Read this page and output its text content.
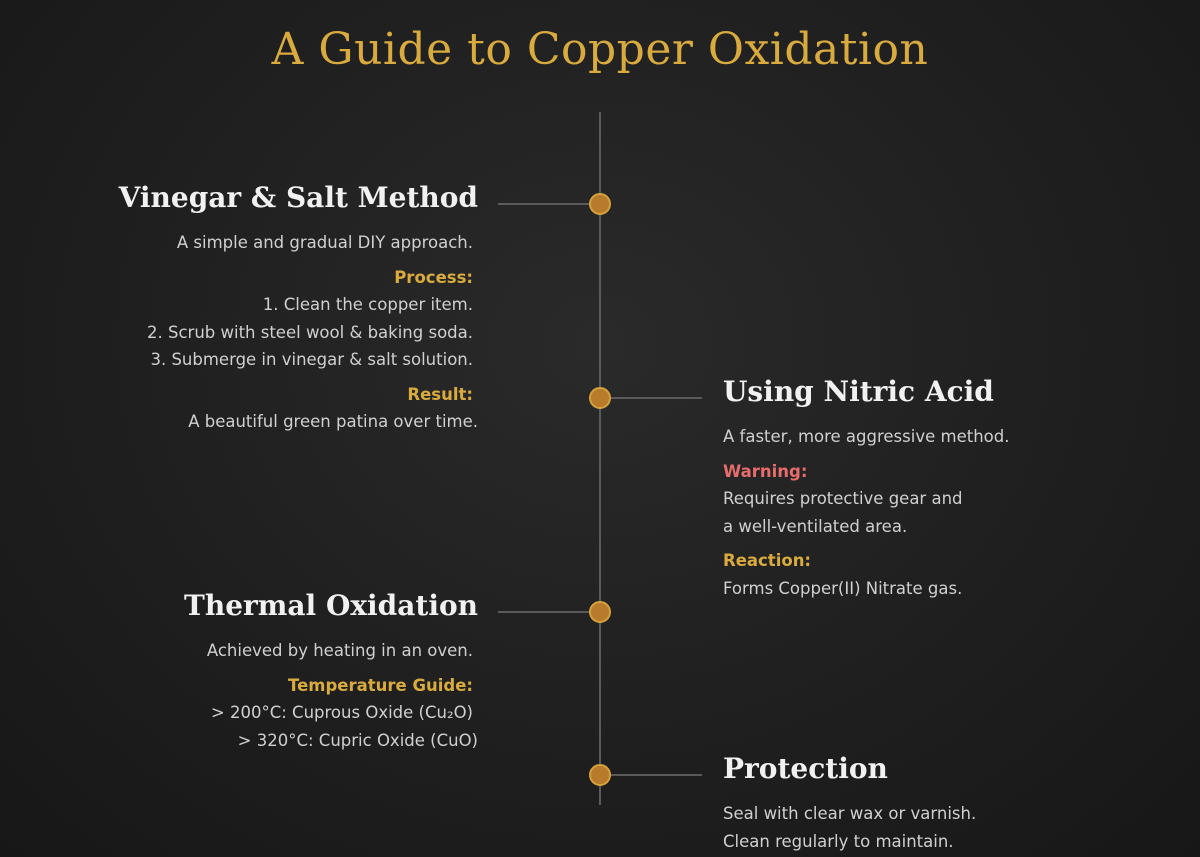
A Guide to Copper Oxidation
Vinegar & Salt Method
A simple and gradual DIY approach.
Process:
1. Clean the copper item.
2. Scrub with steel wool & baking soda.
3. Submerge in vinegar & salt solution.
Result:
A beautiful green patina over time.
Using Nitric Acid
A faster, more aggressive method.
Warning:
Requires protective gear and
a well-ventilated area.
Reaction:
Forms Copper(II) Nitrate gas.
Thermal Oxidation
Achieved by heating in an oven.
Temperature Guide:
> 200°C: Cuprous Oxide (Cu₂O)
> 320°C: Cupric Oxide (CuO)
Protection
Seal with clear wax or varnish.
Clean regularly to maintain.
